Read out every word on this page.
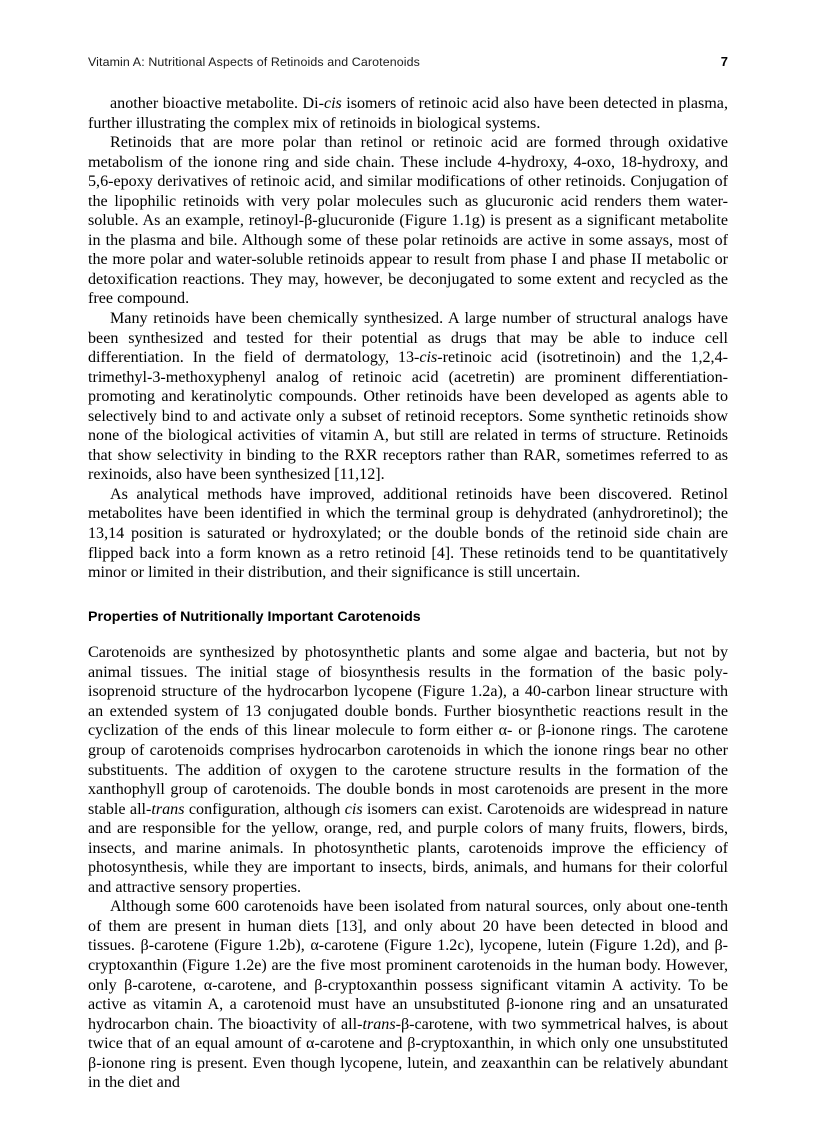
Vitamin A: Nutritional Aspects of Retinoids and Carotenoids	7

another bioactive metabolite. Di-cis isomers of retinoic acid also have been detected in plasma, further illustrating the complex mix of retinoids in biological systems.

Retinoids that are more polar than retinol or retinoic acid are formed through oxidative metabolism of the ionone ring and side chain. These include 4-hydroxy, 4-oxo, 18-hydroxy, and 5,6-epoxy derivatives of retinoic acid, and similar modifications of other retinoids. Conjugation of the lipophilic retinoids with very polar molecules such as glucuronic acid renders them water-soluble. As an example, retinoyl-β-glucuronide (Figure 1.1g) is present as a significant metabolite in the plasma and bile. Although some of these polar retinoids are active in some assays, most of the more polar and water-soluble retinoids appear to result from phase I and phase II metabolic or detoxification reactions. They may, however, be deconjugated to some extent and recycled as the free compound.

Many retinoids have been chemically synthesized. A large number of structural analogs have been synthesized and tested for their potential as drugs that may be able to induce cell differentiation. In the field of dermatology, 13-cis-retinoic acid (isotretinoin) and the 1,2,4-trimethyl-3-methoxyphenyl analog of retinoic acid (acetretin) are prominent differentiation-promoting and keratinolytic compounds. Other retinoids have been developed as agents able to selectively bind to and activate only a subset of retinoid receptors. Some synthetic retinoids show none of the biological activities of vitamin A, but still are related in terms of structure. Retinoids that show selectivity in binding to the RXR receptors rather than RAR, sometimes referred to as rexinoids, also have been synthesized [11,12].

As analytical methods have improved, additional retinoids have been discovered. Retinol metabolites have been identified in which the terminal group is dehydrated (anhydroretinol); the 13,14 position is saturated or hydroxylated; or the double bonds of the retinoid side chain are flipped back into a form known as a retro retinoid [4]. These retinoids tend to be quantitatively minor or limited in their distribution, and their significance is still uncertain.

Properties of Nutritionally Important Carotenoids

Carotenoids are synthesized by photosynthetic plants and some algae and bacteria, but not by animal tissues. The initial stage of biosynthesis results in the formation of the basic poly-isoprenoid structure of the hydrocarbon lycopene (Figure 1.2a), a 40-carbon linear structure with an extended system of 13 conjugated double bonds. Further biosynthetic reactions result in the cyclization of the ends of this linear molecule to form either α- or β-ionone rings. The carotene group of carotenoids comprises hydrocarbon carotenoids in which the ionone rings bear no other substituents. The addition of oxygen to the carotene structure results in the formation of the xanthophyll group of carotenoids. The double bonds in most carotenoids are present in the more stable all-trans configuration, although cis isomers can exist. Carotenoids are widespread in nature and are responsible for the yellow, orange, red, and purple colors of many fruits, flowers, birds, insects, and marine animals. In photosynthetic plants, carotenoids improve the efficiency of photosynthesis, while they are important to insects, birds, animals, and humans for their colorful and attractive sensory properties.

Although some 600 carotenoids have been isolated from natural sources, only about one-tenth of them are present in human diets [13], and only about 20 have been detected in blood and tissues. β-carotene (Figure 1.2b), α-carotene (Figure 1.2c), lycopene, lutein (Figure 1.2d), and β-cryptoxanthin (Figure 1.2e) are the five most prominent carotenoids in the human body. However, only β-carotene, α-carotene, and β-cryptoxanthin possess significant vitamin A activity. To be active as vitamin A, a carotenoid must have an unsubstituted β-ionone ring and an unsaturated hydrocarbon chain. The bioactivity of all-trans-β-carotene, with two symmetrical halves, is about twice that of an equal amount of α-carotene and β-cryptoxanthin, in which only one unsubstituted β-ionone ring is present. Even though lycopene, lutein, and zeaxanthin can be relatively abundant in the diet and
